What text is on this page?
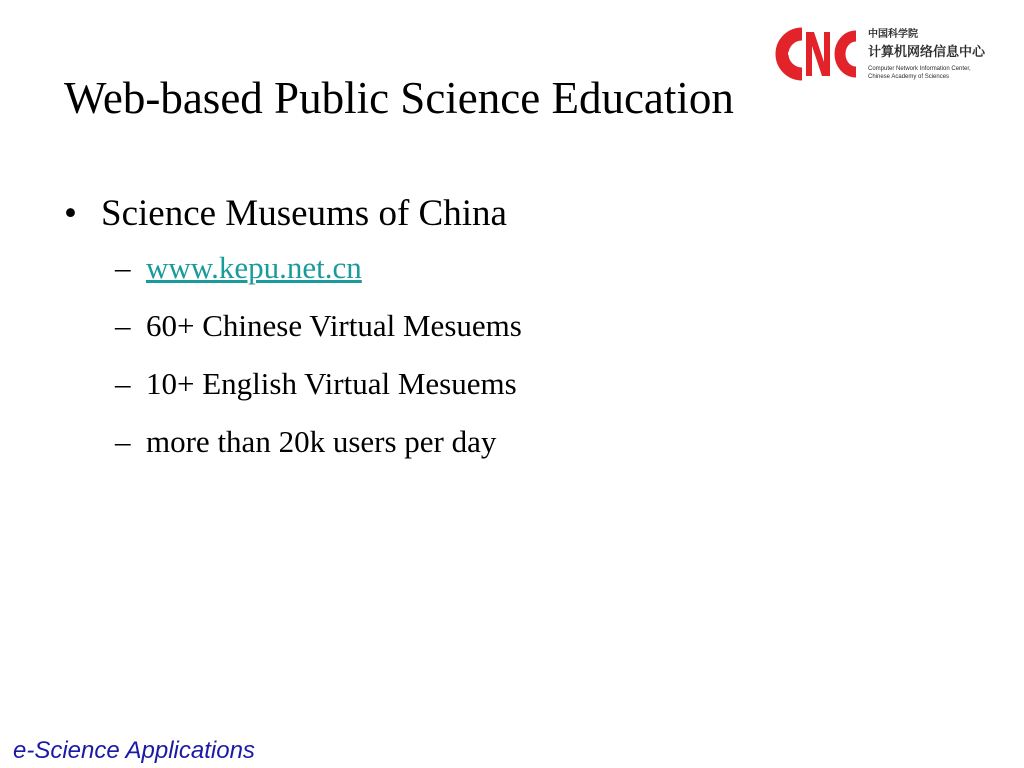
Web-based Public Science Education
中国科学院
计算机网络信息中心
Computer Network Information Center,
Chinese Academy of Sciences
• Science Museums of China
– www.kepu.net.cn
– 60+ Chinese Virtual Mesuems
– 10+ English Virtual Mesuems
– more than 20k users per day
e-Science Applications
